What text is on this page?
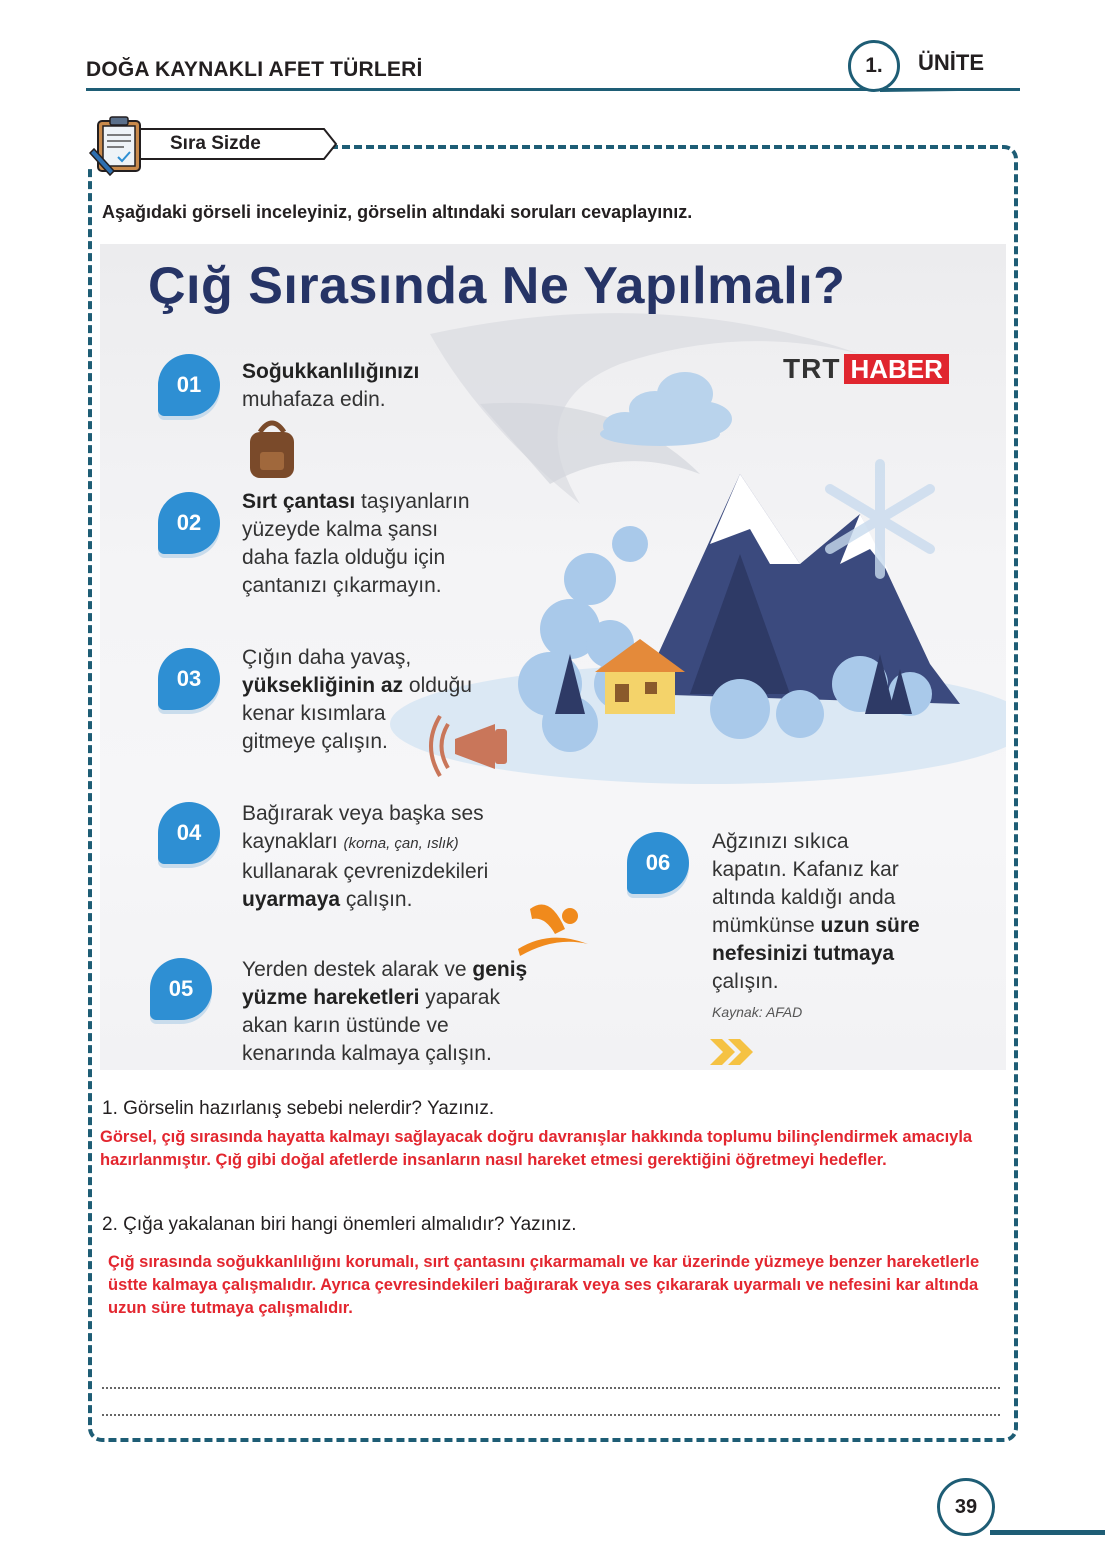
DOĞA KAYNAKLI AFET TÜRLERİ	1. ÜNİTE
Sıra Sizde
Aşağıdaki görseli inceleyiniz, görselin altındaki soruları cevaplayınız.
Çığ Sırasında Ne Yapılmalı?
TRT HABER
01
Soğukkanlılığınızı
muhafaza edin.
02
Sırt çantası taşıyanların
yüzeyde kalma şansı
daha fazla olduğu için
çantanızı çıkarmayın.
03
Çığın daha yavaş,
yüksekliğinin az olduğu
kenar kısımlara
gitmeye çalışın.
04
Bağırarak veya başka ses
kaynakları (korna, çan, ıslık)
kullanarak çevrenizdekileri
uyarmaya çalışın.
05
Yerden destek alarak ve geniş
yüzme hareketleri yaparak
akan karın üstünde ve
kenarında kalmaya çalışın.
06
Ağzınızı sıkıca
kapatın. Kafanız kar
altında kaldığı anda
mümkünse uzun süre
nefesinizi tutmaya
çalışın.
Kaynak: AFAD
1. Görselin hazırlanış sebebi nelerdir? Yazınız.
Görsel, çığ sırasında hayatta kalmayı sağlayacak doğru davranışlar hakkında toplumu bilinçlendirmek amacıyla hazırlanmıştır. Çığ gibi doğal afetlerde insanların nasıl hareket etmesi gerektiğini öğretmeyi hedefler.
2. Çığa yakalanan biri hangi önemleri almalıdır? Yazınız.
Çığ sırasında soğukkanlılığını korumalı, sırt çantasını çıkarmamalı ve kar üzerinde yüzmeye benzer hareketlerle üstte kalmaya çalışmalıdır. Ayrıca çevresindekileri bağırarak veya ses çıkararak uyarmalı ve nefesini kar altında uzun süre tutmaya çalışmalıdır.
39
